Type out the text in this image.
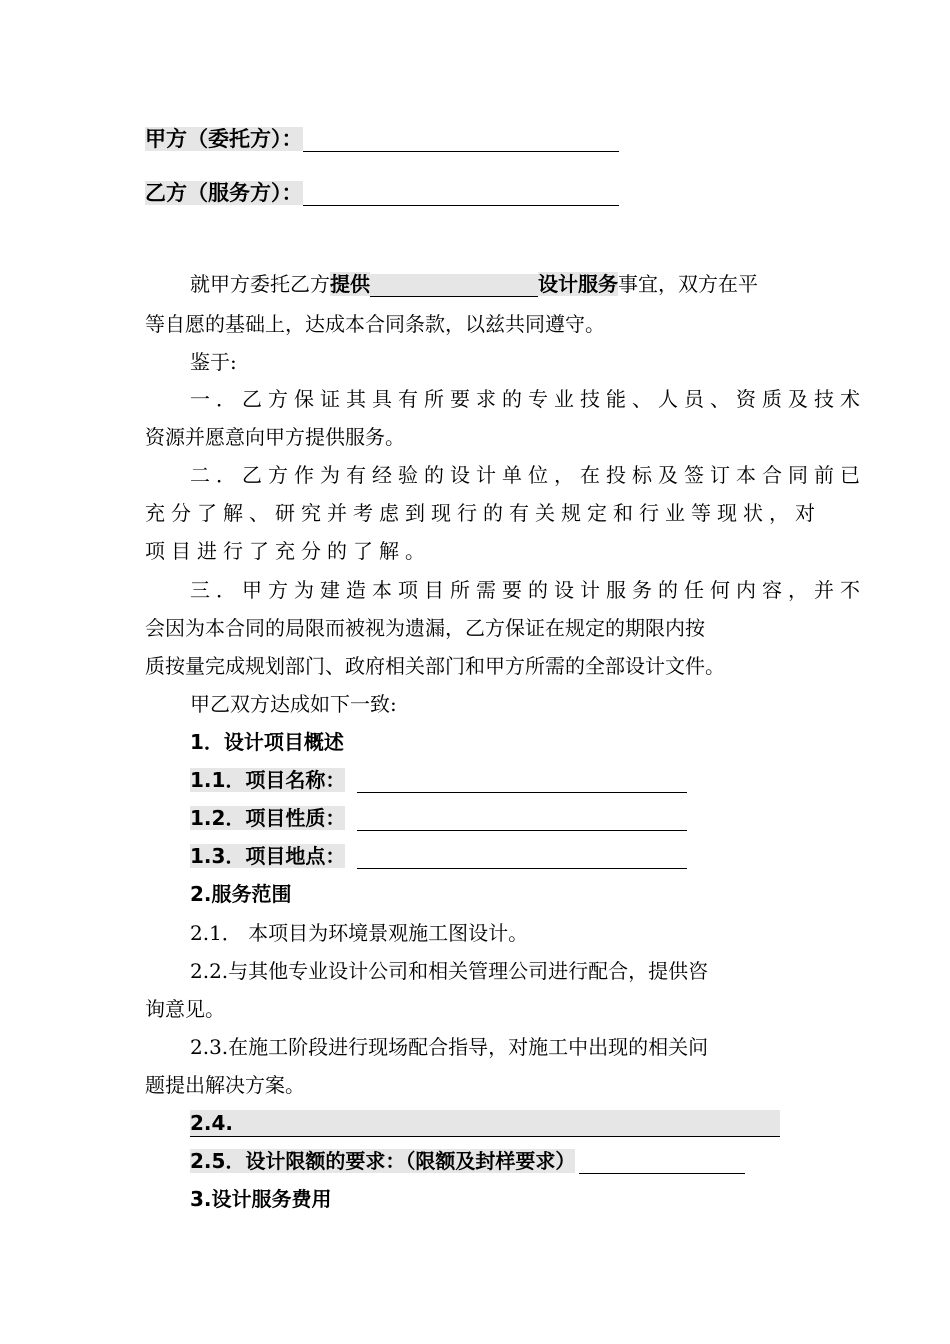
甲方（委托方）：
乙方（服务方）：
就甲方委托乙方提供	设计服务事宜，双方在平
等自愿的基础上，达成本合同条款，以兹共同遵守。
鉴于:
一．乙方保证其具有所要求的专业技能、人员、资质及技术
资源并愿意向甲方提供服务。
二．乙方作为有经验的设计单位，在投标及签订本合同前已
充分了解、研究并考虑到现行的有关规定和行业等现状，对
项目进行了充分的了解。
三．甲方为建造本项目所需要的设计服务的任何内容，并不
会因为本合同的局限而被视为遗漏，乙方保证在规定的期限内按
质按量完成规划部门、政府相关部门和甲方所需的全部设计文件。
甲乙双方达成如下一致:
1．设计项目概述
1.1．项目名称：
1.2．项目性质：
1.3．项目地点：
2.服务范围
2.1． 本项目为环境景观施工图设计。
2.2.与其他专业设计公司和相关管理公司进行配合，提供咨
询意见。
2.3.在施工阶段进行现场配合指导，对施工中出现的相关问
题提出解决方案。
2.4.
2.5．设计限额的要求：（限额及封样要求）
3.设计服务费用
